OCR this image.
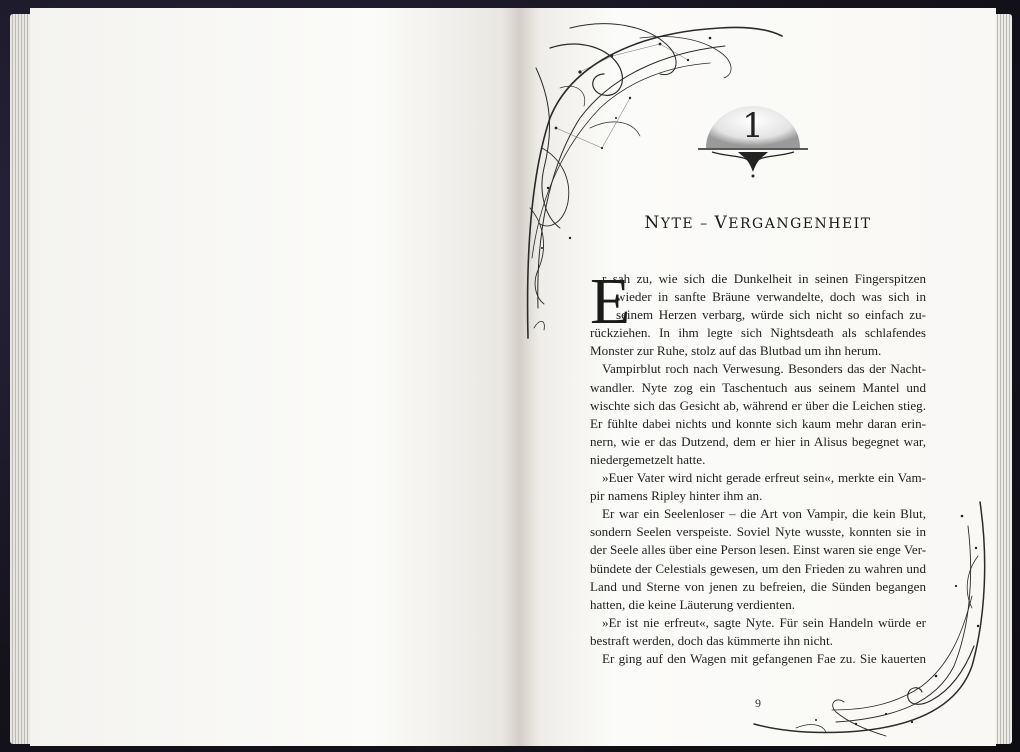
1
NYTE – VERGANGENHEIT
E
r sah zu, wie sich die Dunkelheit in seinen Fingerspitzen
wieder in sanfte Bräune verwandelte, doch was sich in
seinem Herzen verbarg, würde sich nicht so einfach zu-
rückziehen. In ihm legte sich Nightsdeath als schlafendes
Monster zur Ruhe, stolz auf das Blutbad um ihn herum.
Vampirblut roch nach Verwesung. Besonders das der Nacht-
wandler. Nyte zog ein Taschentuch aus seinem Mantel und
wischte sich das Gesicht ab, während er über die Leichen stieg.
Er fühlte dabei nichts und konnte sich kaum mehr daran erin-
nern, wie er das Dutzend, dem er hier in Alisus begegnet war,
niedergemetzelt hatte.
»Euer Vater wird nicht gerade erfreut sein«, merkte ein Vam-
pir namens Ripley hinter ihm an.
Er war ein Seelenloser – die Art von Vampir, die kein Blut,
sondern Seelen verspeiste. Soviel Nyte wusste, konnten sie in
der Seele alles über eine Person lesen. Einst waren sie enge Ver-
bündete der Celestials gewesen, um den Frieden zu wahren und
Land und Sterne von jenen zu befreien, die Sünden begangen
hatten, die keine Läuterung verdienten.
»Er ist nie erfreut«, sagte Nyte. Für sein Handeln würde er
bestraft werden, doch das kümmerte ihn nicht.
Er ging auf den Wagen mit gefangenen Fae zu. Sie kauerten
9
